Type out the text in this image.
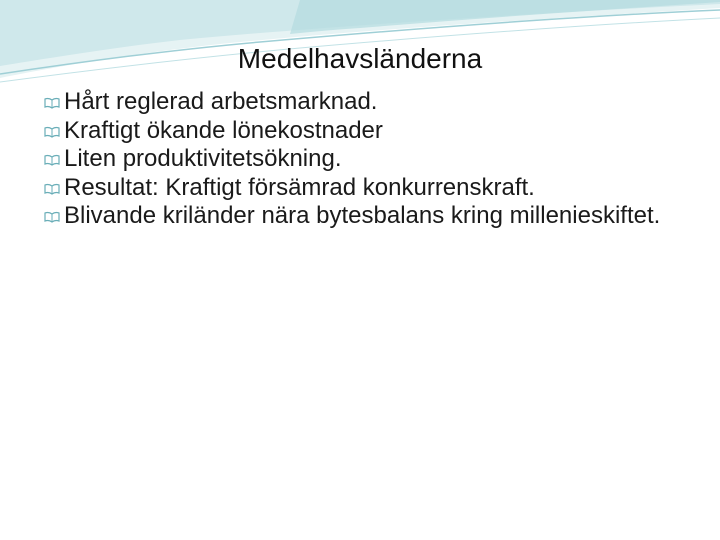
Medelhavsländerna
Hårt reglerad arbetsmarknad.
Kraftigt ökande lönekostnader
Liten produktivitetsökning.
Resultat: Kraftigt försämrad konkurrenskraft.
Blivande kriländer nära bytesbalans kring millenieskiftet.
